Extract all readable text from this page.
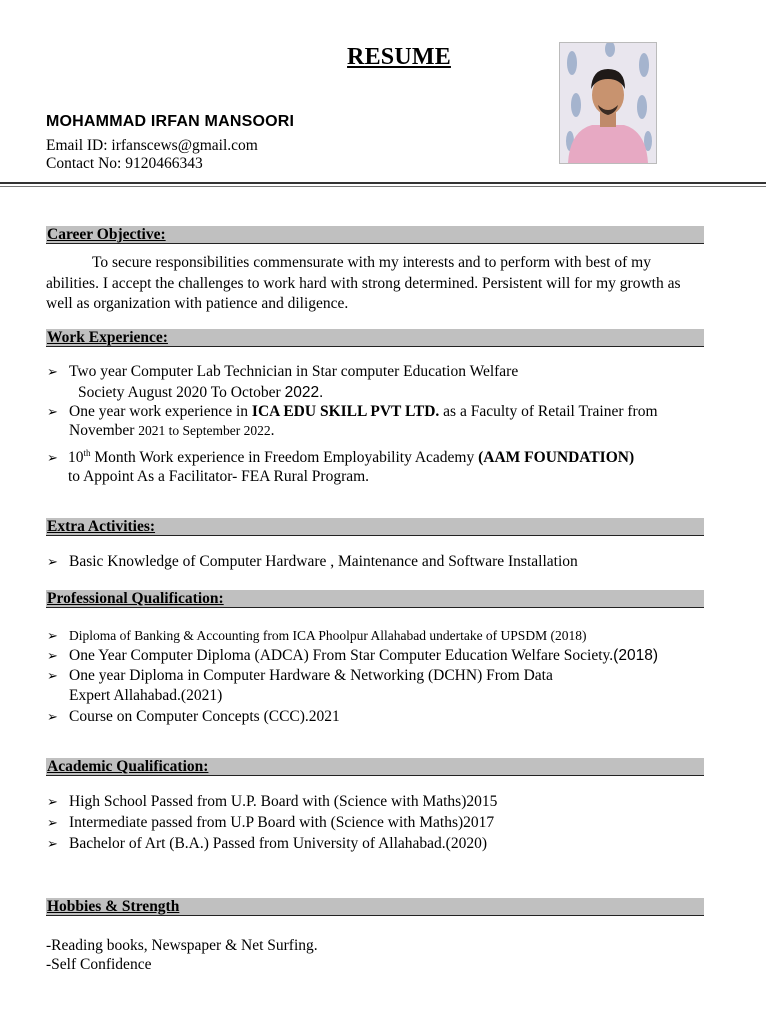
RESUME
MOHAMMAD IRFAN MANSOORI
Email ID: irfanscews@gmail.com
Contact No: 9120466343
Career Objective:
To secure responsibilities commensurate with my interests and to perform with best of my abilities. I accept the challenges to work hard with strong determined. Persistent will for my growth as well as organization with patience and diligence.
Work Experience:
➢ Two year Computer Lab Technician in Star computer Education Welfare
Society August 2020 To October 2022.
➢ One year work experience in ICA EDU SKILL PVT LTD. as a Faculty of Retail Trainer from
November 2021 to September 2022.
➢ 10th Month Work experience in Freedom Employability Academy (AAM FOUNDATION)
to Appoint As a Facilitator- FEA Rural Program.
Extra Activities:
➢ Basic Knowledge of Computer Hardware , Maintenance and Software Installation
Professional Qualification:
➢ Diploma of Banking & Accounting from ICA Phoolpur Allahabad undertake of UPSDM (2018)
➢ One Year Computer Diploma (ADCA) From Star Computer Education Welfare Society.(2018)
➢ One year Diploma in Computer Hardware & Networking (DCHN) From Data
Expert Allahabad.(2021)
➢ Course on Computer Concepts (CCC).2021
Academic Qualification:
➢ High School Passed from U.P. Board with (Science with Maths)2015
➢ Intermediate passed from U.P Board with (Science with Maths)2017
➢ Bachelor of Art (B.A.) Passed from University of Allahabad.(2020)
Hobbies & Strength
-Reading books, Newspaper & Net Surfing.
-Self Confidence
